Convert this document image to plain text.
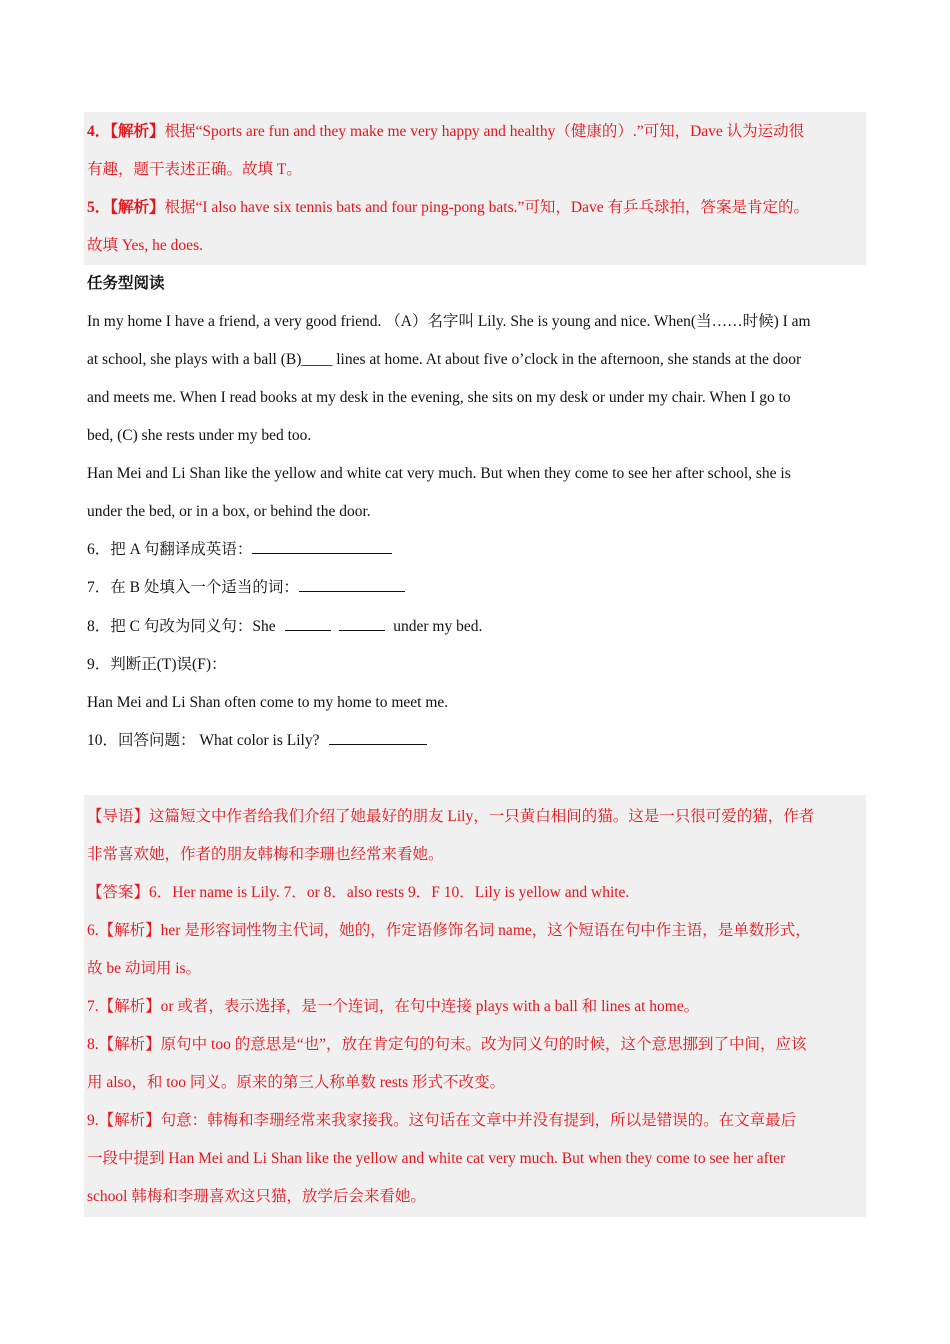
4．【解析】根据“Sports are fun and they make me very happy and healthy（健康的）.”可知，Dave 认为运动很
有趣，题干表述正确。故填 T。
5．【解析】根据“I also have six tennis bats and four ping-pong bats.”可知，Dave 有乒乓球拍，答案是肯定的。
故填 Yes, he does.
任务型阅读
In my home I have a friend, a very good friend. （A）名字叫 Lily. She is young and nice. When(当……时候) I am
at school, she plays with a ball (B)____ lines at home. At about five o’clock in the afternoon, she stands at the door
and meets me. When I read books at my desk in the evening, she sits on my desk or under my chair. When I go to
bed, (C) she rests under my bed too.
Han Mei and Li Shan like the yellow and white cat very much. But when they come to see her after school, she is
under the bed, or in a box, or behind the door.
6．把 A 句翻译成英语：
7．在 B 处填入一个适当的词：
8．把 C 句改为同义句：She	under my bed.
9．判断正(T)误(F)：
Han Mei and Li Shan often come to my home to meet me.
10．回答问题： What color is Lily?
【导语】这篇短文中作者给我们介绍了她最好的朋友 Lily，一只黄白相间的猫。这是一只很可爱的猫，作者
非常喜欢她，作者的朋友韩梅和李珊也经常来看她。
【答案】6．Her name is Lily. 7．or 8．also rests 9．F 10．Lily is yellow and white.
6.【解析】her 是形容词性物主代词，她的，作定语修饰名词 name，这个短语在句中作主语，是单数形式，
故 be 动词用 is。
7.【解析】or 或者，表示选择，是一个连词，在句中连接 plays with a ball 和 lines at home。
8.【解析】原句中 too 的意思是“也”，放在肯定句的句末。改为同义句的时候，这个意思挪到了中间，应该
用 also，和 too 同义。原来的第三人称单数 rests 形式不改变。
9.【解析】句意：韩梅和李珊经常来我家接我。这句话在文章中并没有提到，所以是错误的。在文章最后
一段中提到 Han Mei and Li Shan like the yellow and white cat very much. But when they come to see her after
school 韩梅和李珊喜欢这只猫，放学后会来看她。
